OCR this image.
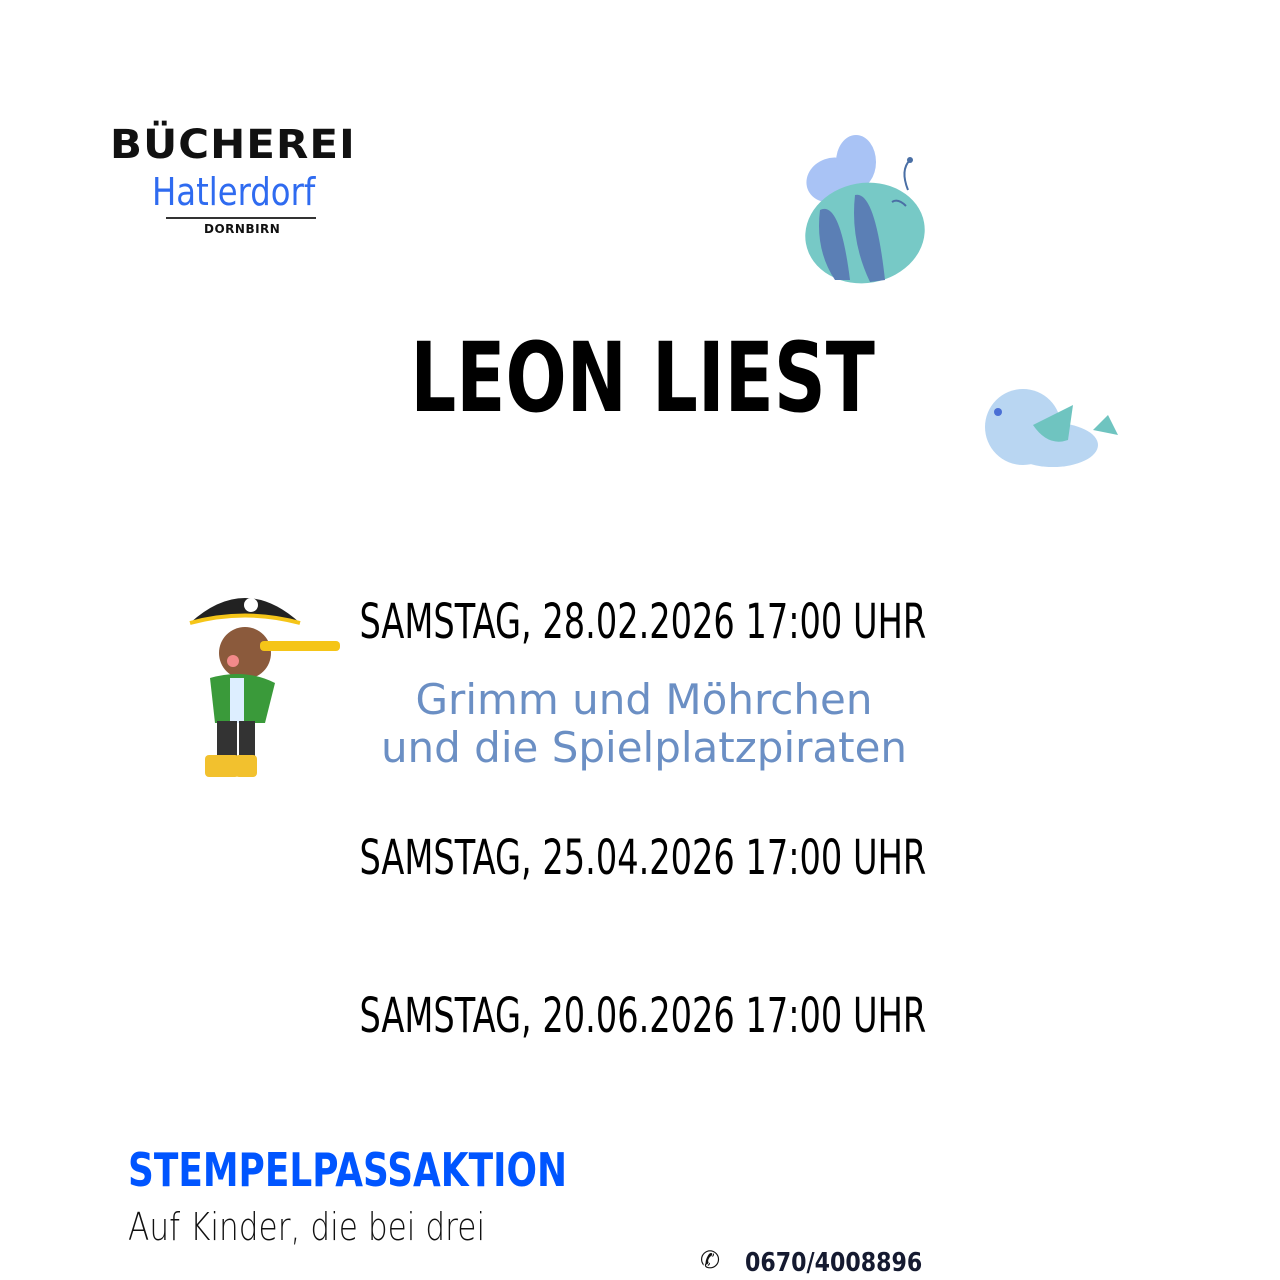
BÜCHEREI
Hatlerdorf
DORNBIRN
LEON LIEST
SAMSTAG, 28.02.2026 17:00 UHR
Grimm und Möhrchen
und die Spielplatzpiraten
SAMSTAG, 25.04.2026 17:00 UHR
SAMSTAG, 20.06.2026 17:00 UHR
STEMPELPASSAKTION
Auf Kinder, die bei drei
✆ 0670/4008896
